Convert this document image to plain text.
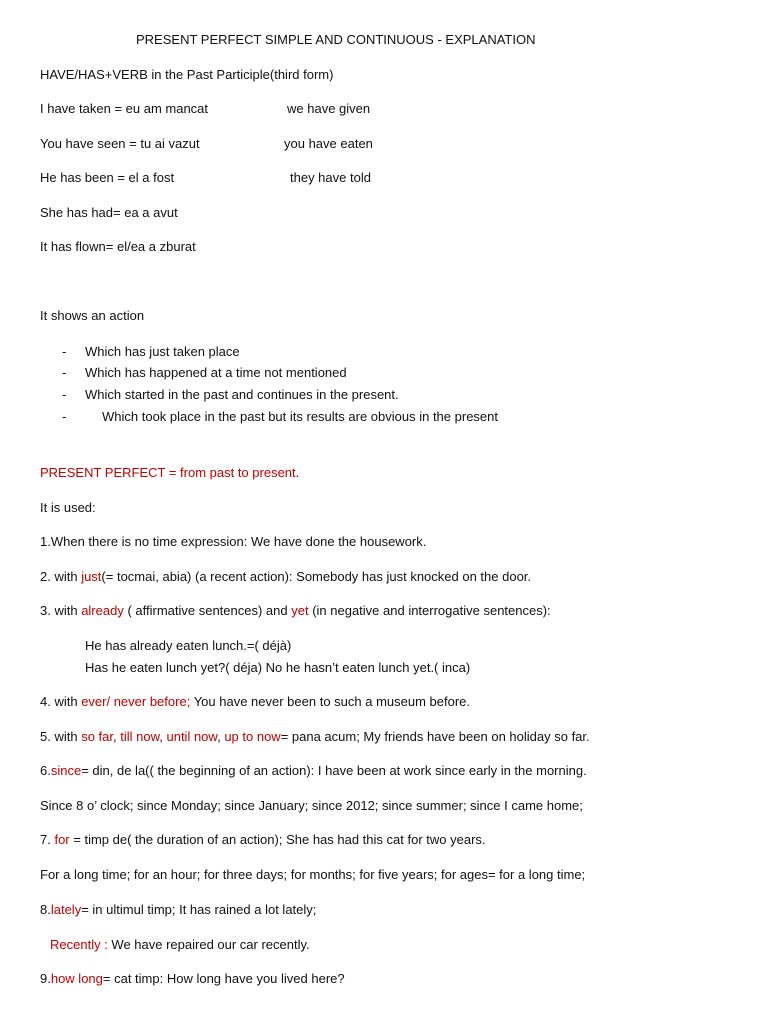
PRESENT PERFECT SIMPLE AND CONTINUOUS - EXPLANATION
HAVE/HAS+VERB in the Past Participle(third form)
I have taken = eu am mancat	we have given
You have seen = tu ai vazut	you have eaten
He has been = el a fost	they have told
She has had= ea a avut
It has flown= el/ea a zburat
It shows an action
- Which has just taken place
- Which has happened at a time not mentioned
- Which started in the past and continues in the present.
-	Which took place in the past but its results are obvious in the present
PRESENT PERFECT = from past to present.
It is used:
1.When there is no time expression: We have done the housework.
2. with just(= tocmai, abia) (a recent action): Somebody has just knocked on the door.
3. with already ( affirmative sentences) and yet (in negative and interrogative sentences):
He has already eaten lunch.=( déjà)
Has he eaten lunch yet?( déja) No he hasn’t eaten lunch yet.( inca)
4. with ever/ never before; You have never been to such a museum before.
5. with so far, till now, until now, up to now= pana acum; My friends have been on holiday so far.
6.since= din, de la(( the beginning of an action): I have been at work since early in the morning.
Since 8 o’ clock; since Monday; since January; since 2012; since summer; since I came home;
7. for = timp de( the duration of an action); She has had this cat for two years.
For a long time; for an hour; for three days; for months; for five years; for ages= for a long time;
8.lately= in ultimul timp; It has rained a lot lately;
Recently : We have repaired our car recently.
9.how long= cat timp: How long have you lived here?
